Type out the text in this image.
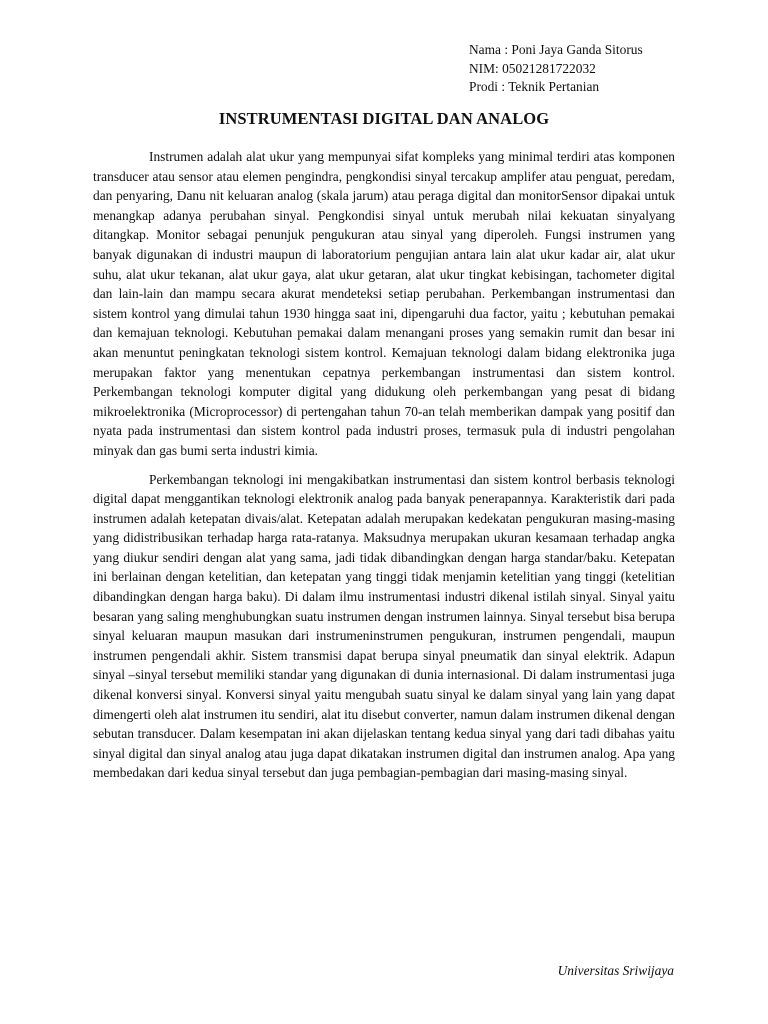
Nama : Poni Jaya Ganda Sitorus
NIM: 05021281722032
Prodi : Teknik Pertanian
INSTRUMENTASI DIGITAL DAN ANALOG

Instrumen adalah alat ukur yang mempunyai sifat kompleks yang minimal terdiri atas komponen transducer atau sensor atau elemen pengindra, pengkondisi sinyal tercakup amplifer atau penguat, peredam, dan penyaring, Danu nit keluaran analog (skala jarum) atau peraga digital dan monitorSensor dipakai untuk menangkap adanya perubahan sinyal. Pengkondisi sinyal untuk merubah nilai kekuatan sinyalyang ditangkap. Monitor sebagai penunjuk pengukuran atau sinyal yang diperoleh. Fungsi instrumen yang banyak digunakan di industri maupun di laboratorium pengujian antara lain alat ukur kadar air, alat ukur suhu, alat ukur tekanan, alat ukur gaya, alat ukur getaran, alat ukur tingkat kebisingan, tachometer digital dan lain-lain dan mampu secara akurat mendeteksi setiap perubahan. Perkembangan instrumentasi dan sistem kontrol yang dimulai tahun 1930 hingga saat ini, dipengaruhi dua factor, yaitu ; kebutuhan pemakai dan kemajuan teknologi. Kebutuhan pemakai dalam menangani proses yang semakin rumit dan besar ini akan menuntut peningkatan teknologi sistem kontrol. Kemajuan teknologi dalam bidang elektronika juga merupakan faktor yang menentukan cepatnya perkembangan instrumentasi dan sistem kontrol. Perkembangan teknologi komputer digital yang didukung oleh perkembangan yang pesat di bidang mikroelektronika (Microprocessor) di pertengahan tahun 70-an telah memberikan dampak yang positif dan nyata pada instrumentasi dan sistem kontrol pada industri proses, termasuk pula di industri pengolahan minyak dan gas bumi serta industri kimia.

Perkembangan teknologi ini mengakibatkan instrumentasi dan sistem kontrol berbasis teknologi digital dapat menggantikan teknologi elektronik analog pada banyak penerapannya. Karakteristik dari pada instrumen adalah ketepatan divais/alat. Ketepatan adalah merupakan kedekatan pengukuran masing-masing yang didistribusikan terhadap harga rata-ratanya. Maksudnya merupakan ukuran kesamaan terhadap angka yang diukur sendiri dengan alat yang sama, jadi tidak dibandingkan dengan harga standar/baku. Ketepatan ini berlainan dengan ketelitian, dan ketepatan yang tinggi tidak menjamin ketelitian yang tinggi (ketelitian dibandingkan dengan harga baku). Di dalam ilmu instrumentasi industri dikenal istilah sinyal. Sinyal yaitu besaran yang saling menghubungkan suatu instrumen dengan instrumen lainnya. Sinyal tersebut bisa berupa sinyal keluaran maupun masukan dari instrumeninstrumen pengukuran, instrumen pengendali, maupun instrumen pengendali akhir. Sistem transmisi dapat berupa sinyal pneumatik dan sinyal elektrik. Adapun sinyal –sinyal tersebut memiliki standar yang digunakan di dunia internasional. Di dalam instrumentasi juga dikenal konversi sinyal. Konversi sinyal yaitu mengubah suatu sinyal ke dalam sinyal yang lain yang dapat dimengerti oleh alat instrumen itu sendiri, alat itu disebut converter, namun dalam instrumen dikenal dengan sebutan transducer. Dalam kesempatan ini akan dijelaskan tentang kedua sinyal yang dari tadi dibahas yaitu sinyal digital dan sinyal analog atau juga dapat dikatakan instrumen digital dan instrumen analog. Apa yang membedakan dari kedua sinyal tersebut dan juga pembagian-pembagian dari masing-masing sinyal.

Universitas Sriwijaya
